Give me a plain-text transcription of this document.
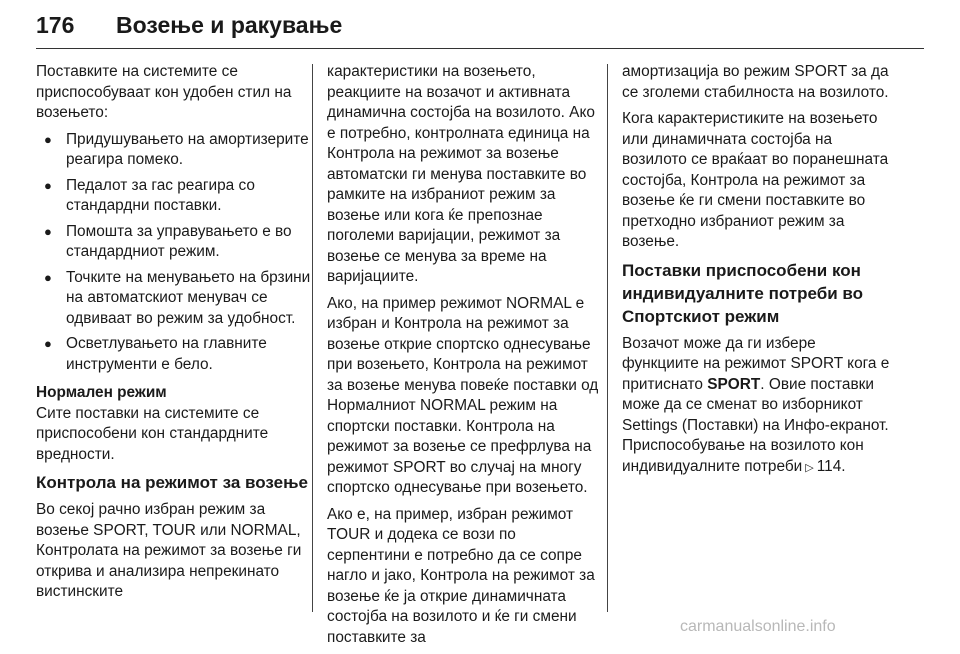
176 Возење и ракување

Поставките на системите се приспособуваат кон удобен стил на возењето:

● Придушувањето на амортизерите реагира помеко.
● Педалот за гас реагира со стандардни поставки.
● Помошта за управувањето е во стандардниот режим.
● Точките на менувањето на брзини на автоматскиот менувач се одвиваат во режим за удобност.
● Осветлувањето на главните инструменти е бело.

Нормален режим

Сите поставки на системите се приспособени кон стандардните вредности.

Контрола на режимот за возење

Во секој рачно избран режим за возење SPORT, TOUR или NORMAL, Контролата на режимот за возење ги открива и анализира непрекинато вистинските

карактеристики на возењето, реакциите на возачот и активната динамична состојба на возилото. Ако е потребно, контролната единица на Контрола на режимот за возење автоматски ги менува поставките во рамките на избраниот режим за возење или кога ќе препознае поголеми варијации, режимот за возење се менува за време на варијациите.

Ако, на пример режимот NORMAL е избран и Контрола на режимот за возење открие спортско однесување при возењето, Контрола на режимот за возење менува повеќе поставки од Нормалниот NORMAL режим на спортски поставки. Контрола на режимот за возење се префрлува на режимот SPORT во случај на многу спортско однесување при возењето.

Ако е, на пример, избран режимот TOUR и додека се вози по серпентини е потребно да се сопре нагло и јако, Контрола на режимот за возење ќе ја открие динамичната состојба на возилото и ќе ги смени поставките за

амортизација во режим SPORT за да се зголеми стабилноста на возилото.

Кога карактеристиките на возењето или динамичната состојба на возилото се враќаат во поранешната состојба, Контрола на режимот за возење ќе ги смени поставките во претходно избраниот режим за возење.

Поставки приспособени кон индивидуалните потреби во Спортскиот режим

Возачот може да ги избере функциите на режимот SPORT кога е притиснато SPORT. Овие поставки може да се сменат во изборникот Settings (Поставки) на Инфо-екранот. Приспособување на возилото кон индивидуалните потреби ▷ 114.

carmanualsonline.info
